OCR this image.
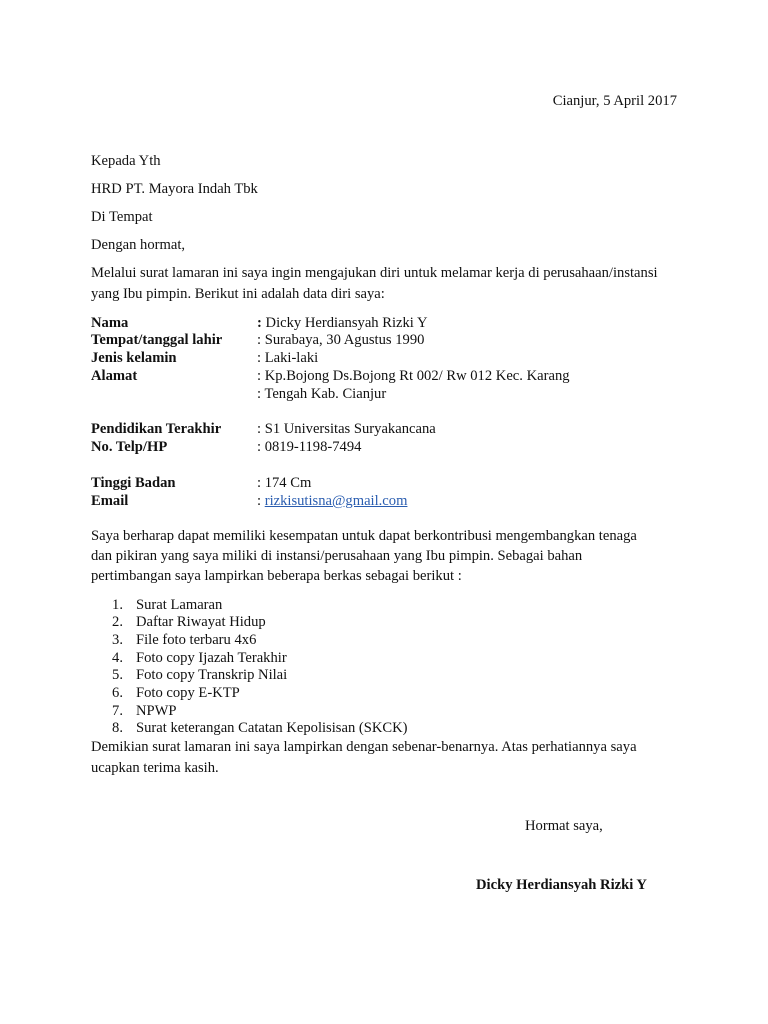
Cianjur, 5 April 2017
Kepada Yth
HRD PT. Mayora Indah Tbk
Di Tempat
Dengan hormat,
Melalui surat lamaran ini saya ingin mengajukan diri untuk melamar kerja di perusahaan/instansi
yang Ibu pimpin. Berikut ini adalah data diri saya:
Nama	: Dicky Herdiansyah Rizki Y
Tempat/tanggal lahir : Surabaya, 30 Agustus 1990
Jenis kelamin	: Laki-laki
Alamat	: Kp.Bojong Ds.Bojong Rt 002/ Rw 012 Kec. Karang
: Tengah Kab. Cianjur
Pendidikan Terakhir : S1 Universitas Suryakancana
No. Telp/HP	: 0819-1198-7494
Tinggi Badan	: 174 Cm
Email	: rizkisutisna@gmail.com
Saya berharap dapat memiliki kesempatan untuk dapat berkontribusi mengembangkan tenaga
dan pikiran yang saya miliki di instansi/perusahaan yang Ibu pimpin. Sebagai bahan
pertimbangan saya lampirkan beberapa berkas sebagai berikut :
1. Surat Lamaran
2. Daftar Riwayat Hidup
3. File foto terbaru 4x6
4. Foto copy Ijazah Terakhir
5. Foto copy Transkrip Nilai
6. Foto copy E-KTP
7. NPWP
8. Surat keterangan Catatan Kepolisisan (SKCK)
Demikian surat lamaran ini saya lampirkan dengan sebenar-benarnya. Atas perhatiannya saya
ucapkan terima kasih.
Hormat saya,
Dicky Herdiansyah Rizki Y
